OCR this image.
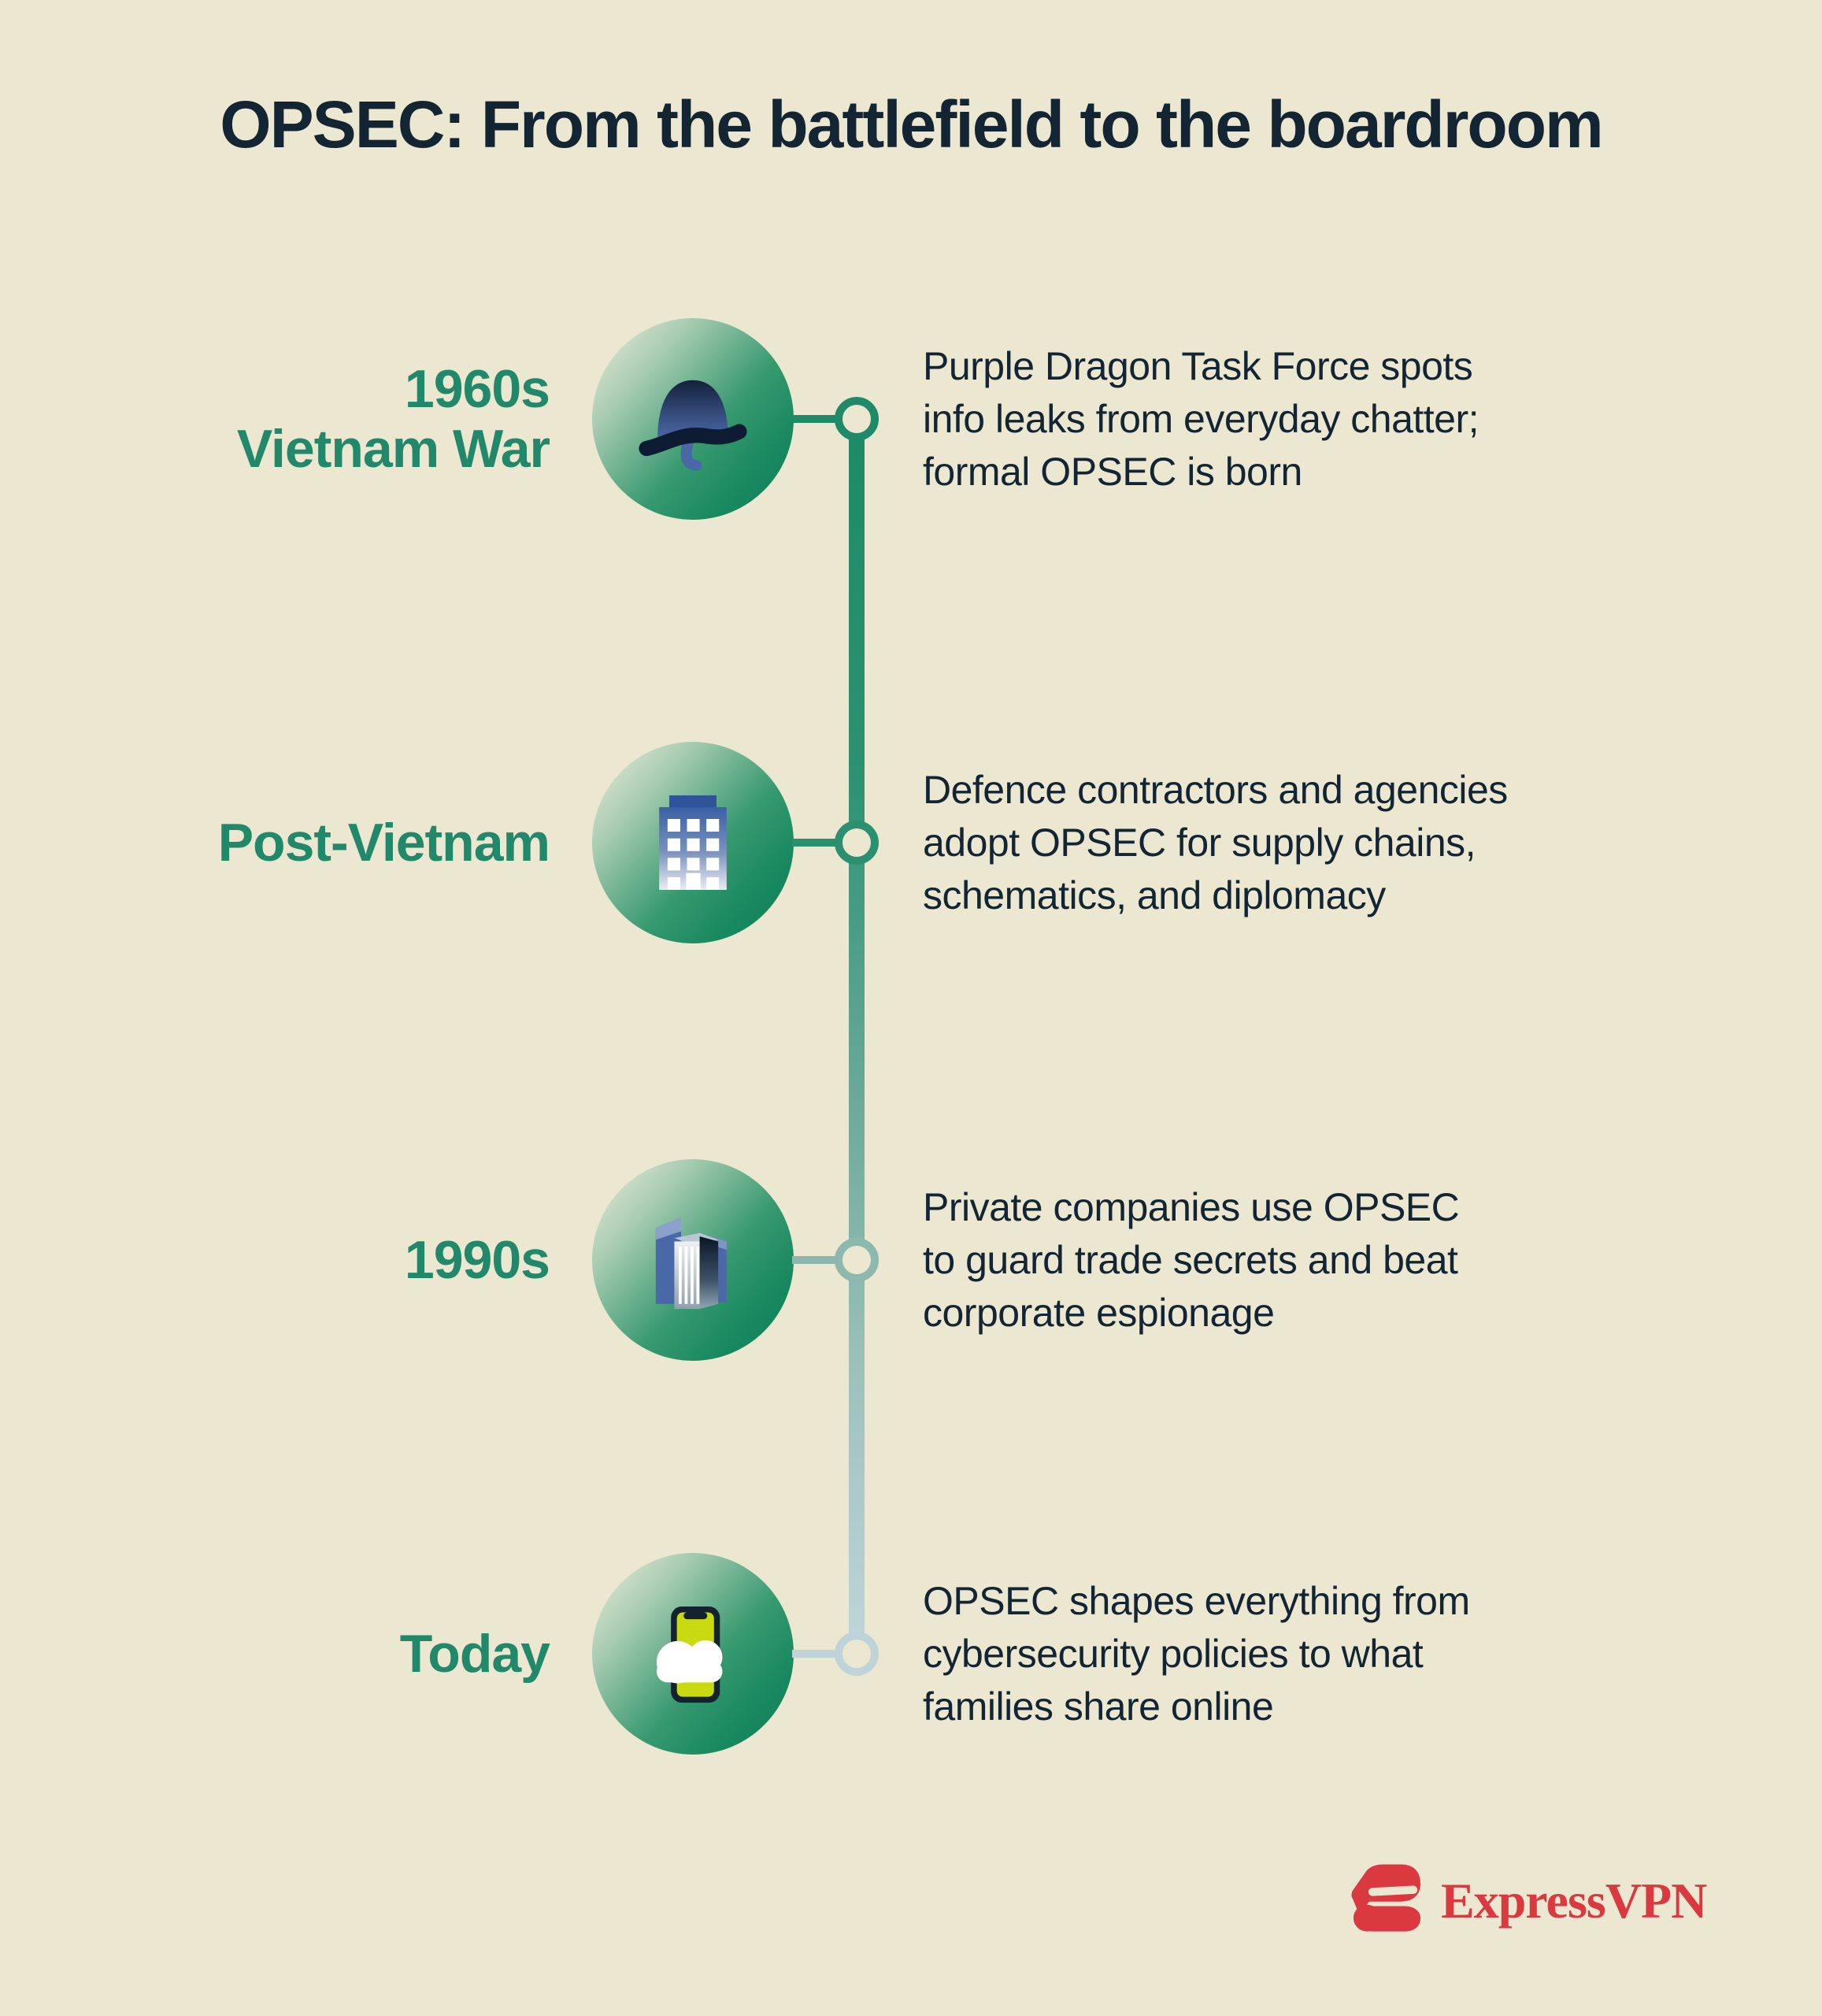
OPSEC: From the battlefield to the boardroom
1960s
Vietnam War
Purple Dragon Task Force spots
info leaks from everyday chatter;
formal OPSEC is born
Post-Vietnam
Defence contractors and agencies
adopt OPSEC for supply chains,
schematics, and diplomacy
1990s
Private companies use OPSEC
to guard trade secrets and beat
corporate espionage
Today
OPSEC shapes everything from
cybersecurity policies to what
families share online
ExpressVPN
